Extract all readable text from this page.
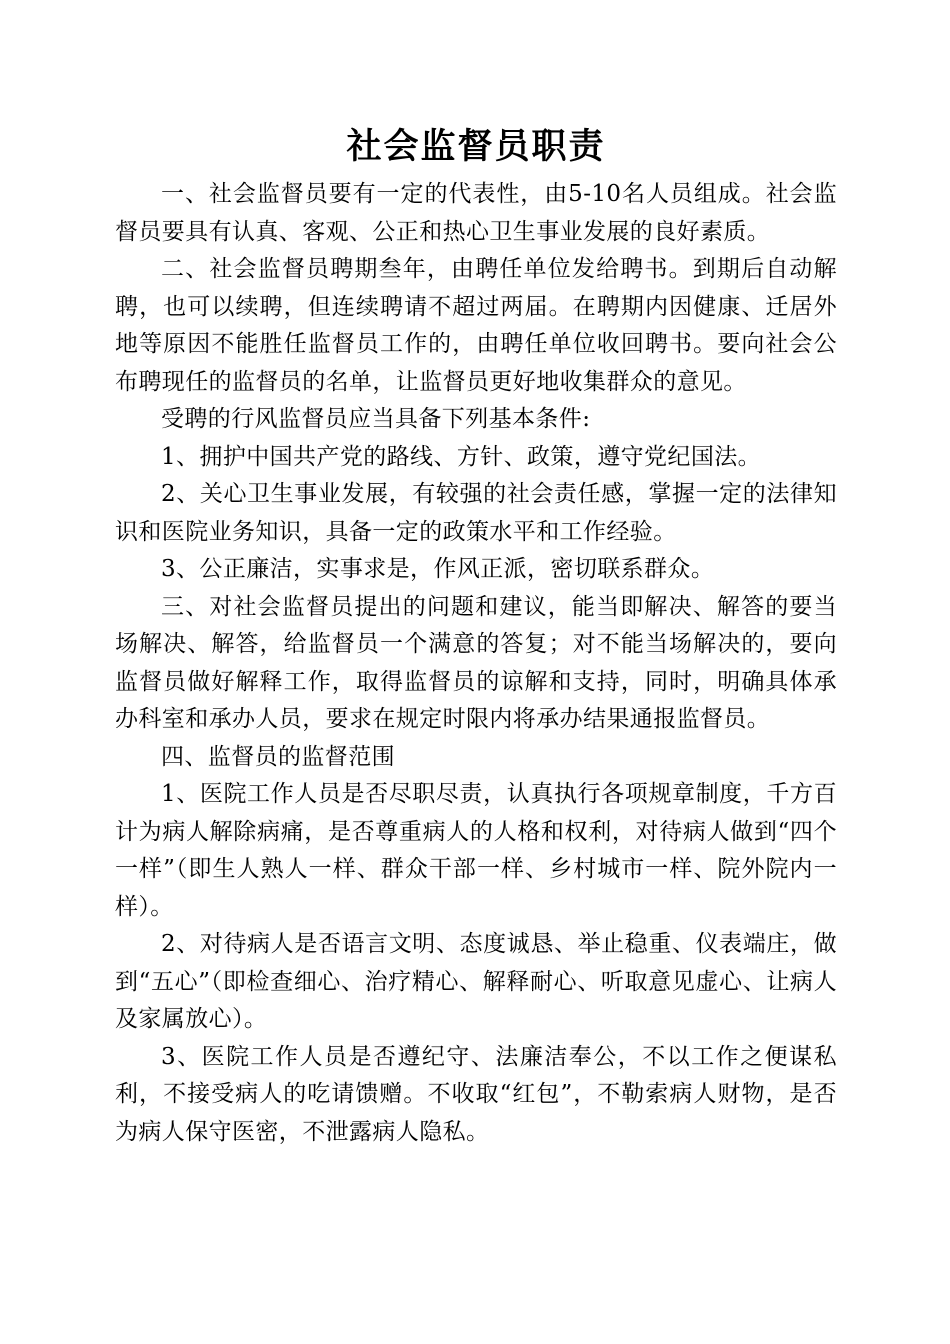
社会监督员职责

一、社会监督员要有一定的代表性，由5-10名人员组成。社会监督员要具有认真、客观、公正和热心卫生事业发展的良好素质。

二、社会监督员聘期叁年，由聘任单位发给聘书。到期后自动解聘，也可以续聘，但连续聘请不超过两届。在聘期内因健康、迁居外地等原因不能胜任监督员工作的，由聘任单位收回聘书。要向社会公布聘现任的监督员的名单，让监督员更好地收集群众的意见。

受聘的行风监督员应当具备下列基本条件:

1、拥护中国共产党的路线、方针、政策，遵守党纪国法。

2、关心卫生事业发展，有较强的社会责任感，掌握一定的法律知识和医院业务知识，具备一定的政策水平和工作经验。

3、公正廉洁，实事求是，作风正派，密切联系群众。

三、对社会监督员提出的问题和建议，能当即解决、解答的要当场解决、解答，给监督员一个满意的答复；对不能当场解决的，要向监督员做好解释工作，取得监督员的谅解和支持，同时，明确具体承办科室和承办人员，要求在规定时限内将承办结果通报监督员。

四、监督员的监督范围

1、医院工作人员是否尽职尽责，认真执行各项规章制度，千方百计为病人解除病痛，是否尊重病人的人格和权利，对待病人做到“四个一样”（即生人熟人一样、群众干部一样、乡村城市一样、院外院内一样）。

2、对待病人是否语言文明、态度诚恳、举止稳重、仪表端庄，做到“五心”（即检查细心、治疗精心、解释耐心、听取意见虚心、让病人及家属放心）。

3、医院工作人员是否遵纪守、法廉洁奉公，不以工作之便谋私利，不接受病人的吃请馈赠。不收取“红包”，不勒索病人财物，是否为病人保守医密，不泄露病人隐私。
